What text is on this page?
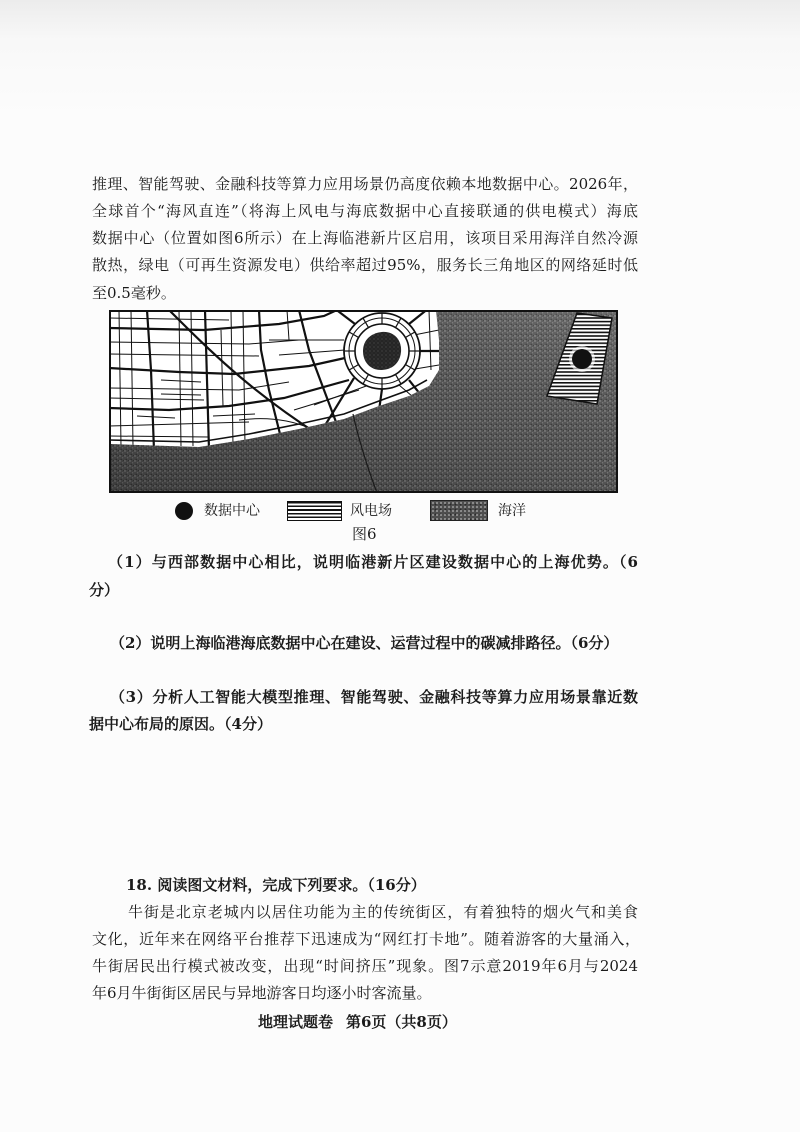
推理、智能驾驶、金融科技等算力应用场景仍高度依赖本地数据中心。2026年，
全球首个“海风直连”（将海上风电与海底数据中心直接联通的供电模式）海底
数据中心（位置如图6所示）在上海临港新片区启用，该项目采用海洋自然冷源
散热，绿电（可再生资源发电）供给率超过95%，服务长三角地区的网络延时低
至0.5毫秒。
数据中心	风电场	海洋
图6
（1）与西部数据中心相比，说明临港新片区建设数据中心的上海优势。（6
分）
（2）说明上海临港海底数据中心在建设、运营过程中的碳减排路径。（6分）
（3）分析人工智能大模型推理、智能驾驶、金融科技等算力应用场景靠近数
据中心布局的原因。（4分）
18. 阅读图文材料，完成下列要求。（16分）
牛街是北京老城内以居住功能为主的传统街区，有着独特的烟火气和美食
文化，近年来在网络平台推荐下迅速成为“网红打卡地”。随着游客的大量涌入，
牛街居民出行模式被改变，出现“时间挤压”现象。图7示意2019年6月与2024
年6月牛街街区居民与异地游客日均逐小时客流量。
地理试题卷 第6页（共8页）
